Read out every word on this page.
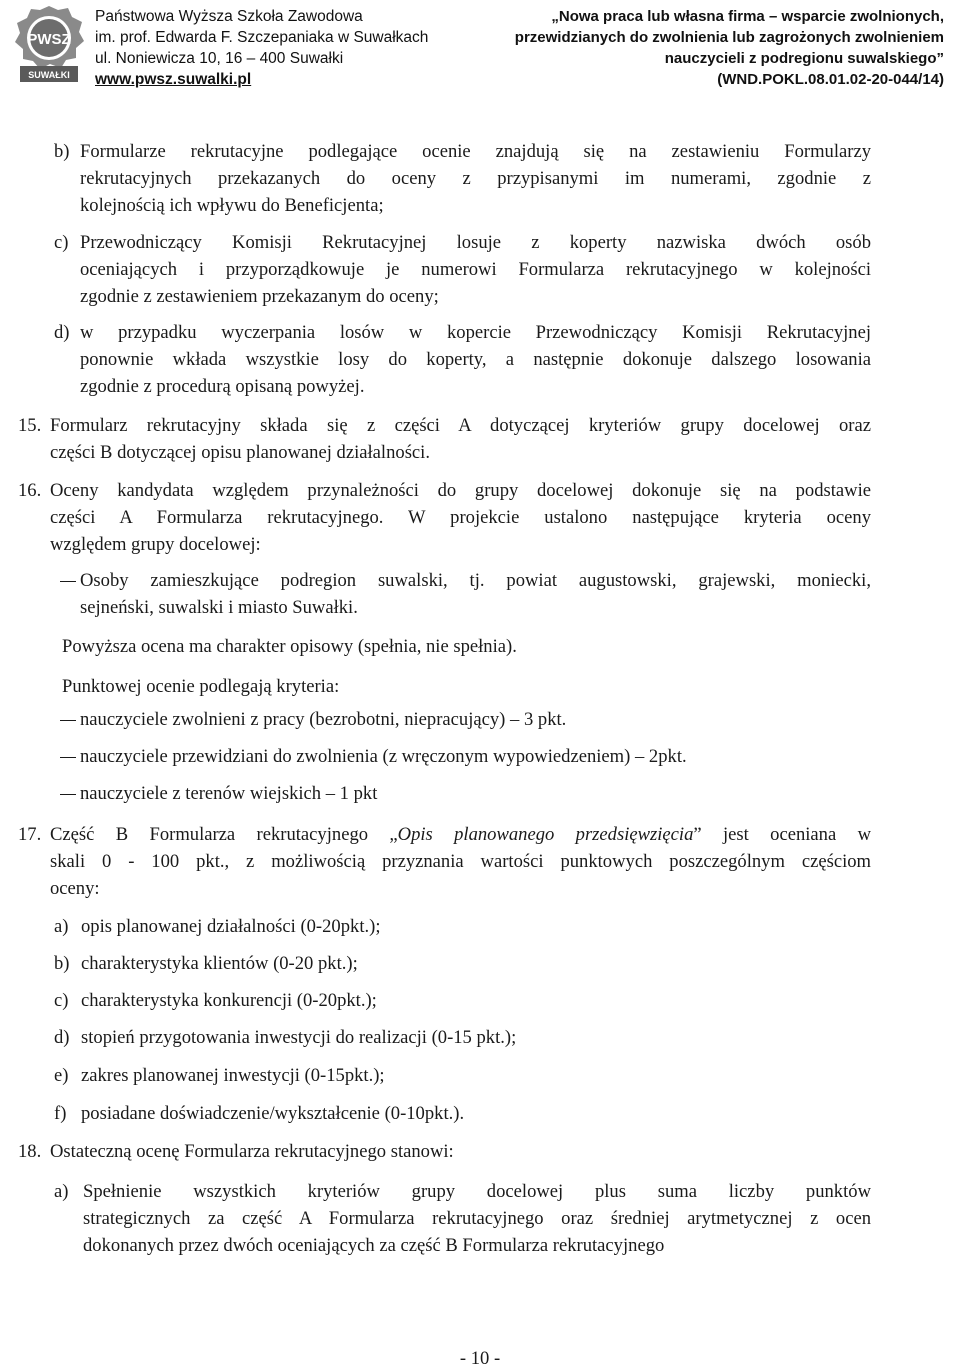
PWSZ
SUWAŁKI
Państwowa Wyższa Szkoła Zawodowa
im. prof. Edwarda F. Szczepaniaka w Suwałkach
ul. Noniewicza 10, 16 – 400 Suwałki
www.pwsz.suwalki.pl
„Nowa praca lub własna firma – wsparcie zwolnionych,
przewidzianych do zwolnienia lub zagrożonych zwolnieniem
nauczycieli z podregionu suwalskiego”
(WND.POKL.08.01.02-20-044/14)
b) Formularze rekrutacyjne podlegające ocenie znajdują się na zestawieniu Formularzy
rekrutacyjnych przekazanych do oceny z przypisanymi im numerami, zgodnie z
kolejnością ich wpływu do Beneficjenta;
c) Przewodniczący Komisji Rekrutacyjnej losuje z koperty nazwiska dwóch osób
oceniających i przyporządkowuje je numerowi Formularza rekrutacyjnego w kolejności
zgodnie z zestawieniem przekazanym do oceny;
d) w przypadku wyczerpania losów w kopercie Przewodniczący Komisji Rekrutacyjnej
ponownie wkłada wszystkie losy do koperty, a następnie dokonuje dalszego losowania
zgodnie z procedurą opisaną powyżej.
15. Formularz rekrutacyjny składa się z części A dotyczącej kryteriów grupy docelowej oraz
części B dotyczącej opisu planowanej działalności.
16. Oceny kandydata względem przynależności do grupy docelowej dokonuje się na podstawie
części A Formularza rekrutacyjnego. W projekcie ustalono następujące kryteria oceny
względem grupy docelowej:
Osoby zamieszkujące podregion suwalski, tj. powiat augustowski, grajewski, moniecki,
sejneński, suwalski i miasto Suwałki.
Powyższa ocena ma charakter opisowy (spełnia, nie spełnia).
Punktowej ocenie podlegają kryteria:
nauczyciele zwolnieni z pracy (bezrobotni, niepracujący) – 3 pkt.
nauczyciele przewidziani do zwolnienia (z wręczonym wypowiedzeniem) – 2pkt.
nauczyciele z terenów wiejskich – 1 pkt
17. Część B Formularza rekrutacyjnego „Opis planowanego przedsięwzięcia” jest oceniana w
skali 0 - 100 pkt., z możliwością przyznania wartości punktowych poszczególnym częściom
oceny:
a) opis planowanej działalności (0-20pkt.);
b) charakterystyka klientów (0-20 pkt.);
c) charakterystyka konkurencji (0-20pkt.);
d) stopień przygotowania inwestycji do realizacji (0-15 pkt.);
e) zakres planowanej inwestycji (0-15pkt.);
f) posiadane doświadczenie/wykształcenie (0-10pkt.).
18. Ostateczną ocenę Formularza rekrutacyjnego stanowi:
a) Spełnienie wszystkich kryteriów grupy docelowej plus suma liczby punktów
strategicznych za część A Formularza rekrutacyjnego oraz średniej arytmetycznej z ocen
dokonanych przez dwóch oceniających za część B Formularza rekrutacyjnego
- 10 -
